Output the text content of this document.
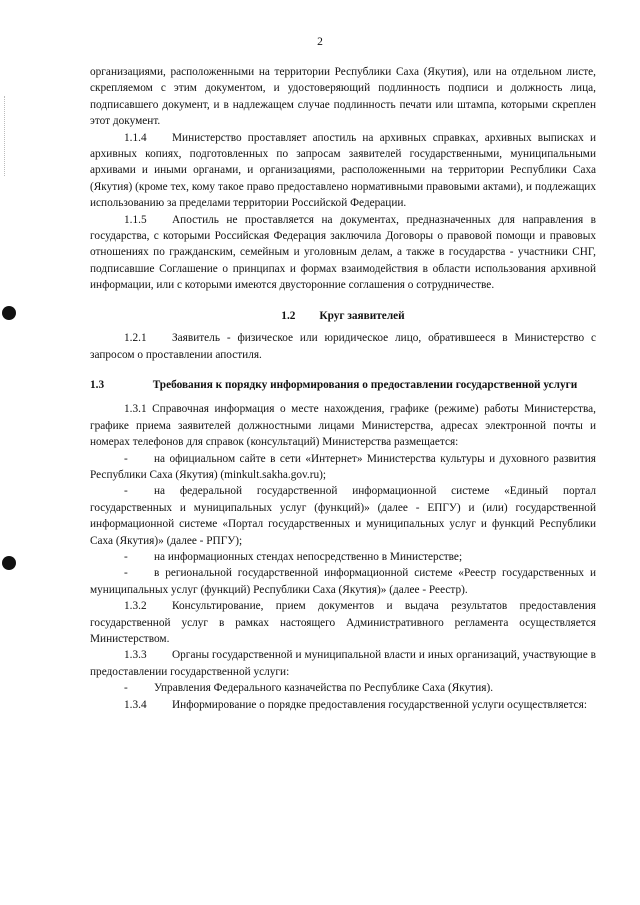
2

организациями, расположенными на территории Республики Саха (Якутия), или на отдельном листе, скрепляемом с этим документом, и удостоверяющий подлинность подписи и должность лица, подписавшего документ, и в надлежащем случае подлинность печати или штампа, которыми скреплен этот документ.

1.1.4 Министерство проставляет апостиль на архивных справках, архивных выписках и архивных копиях, подготовленных по запросам заявителей государственными, муниципальными архивами и иными органами, и организациями, расположенными на территории Республики Саха (Якутия) (кроме тех, кому такое право предоставлено нормативными правовыми актами), и подлежащих использованию за пределами территории Российской Федерации.

1.1.5 Апостиль не проставляется на документах, предназначенных для направления в государства, с которыми Российская Федерация заключила Договоры о правовой помощи и правовых отношениях по гражданским, семейным и уголовным делам, а также в государства - участники СНГ, подписавшие Соглашение о принципах и формах взаимодействия в области использования архивной информации, или с которыми имеются двусторонние соглашения о сотрудничестве.

1.2 Круг заявителей

1.2.1 Заявитель - физическое или юридическое лицо, обратившееся в Министерство с запросом о проставлении апостиля.

1.3	Требования к порядку информирования о предоставлении государственной услуги

1.3.1 Справочная информация о месте нахождения, графике (режиме) работы Министерства, графике приема заявителей должностными лицами Министерства, адресах электронной почты и номерах телефонов для справок (консультаций) Министерства размещается:

- на официальном сайте в сети «Интернет» Министерства культуры и духовного развития Республики Саха (Якутия) (minkult.sakha.gov.ru);

- на федеральной государственной информационной системе «Единый портал государственных и муниципальных услуг (функций)» (далее - ЕПГУ) и (или) государственной информационной системе «Портал государственных и муниципальных услуг и функций Республики Саха (Якутия)» (далее - РПГУ);

- на информационных стендах непосредственно в Министерстве;

- в региональной государственной информационной системе «Реестр государственных и муниципальных услуг (функций) Республики Саха (Якутия)» (далее - Реестр).

1.3.2 Консультирование, прием документов и выдача результатов предоставления государственной услуг в рамках настоящего Административного регламента осуществляется Министерством.

1.3.3 Органы государственной и муниципальной власти и иных организаций, участвующие в предоставлении государственной услуги:

- Управления Федерального казначейства по Республике Саха (Якутия).

1.3.4 Информирование о порядке предоставления государственной услуги осуществляется:
